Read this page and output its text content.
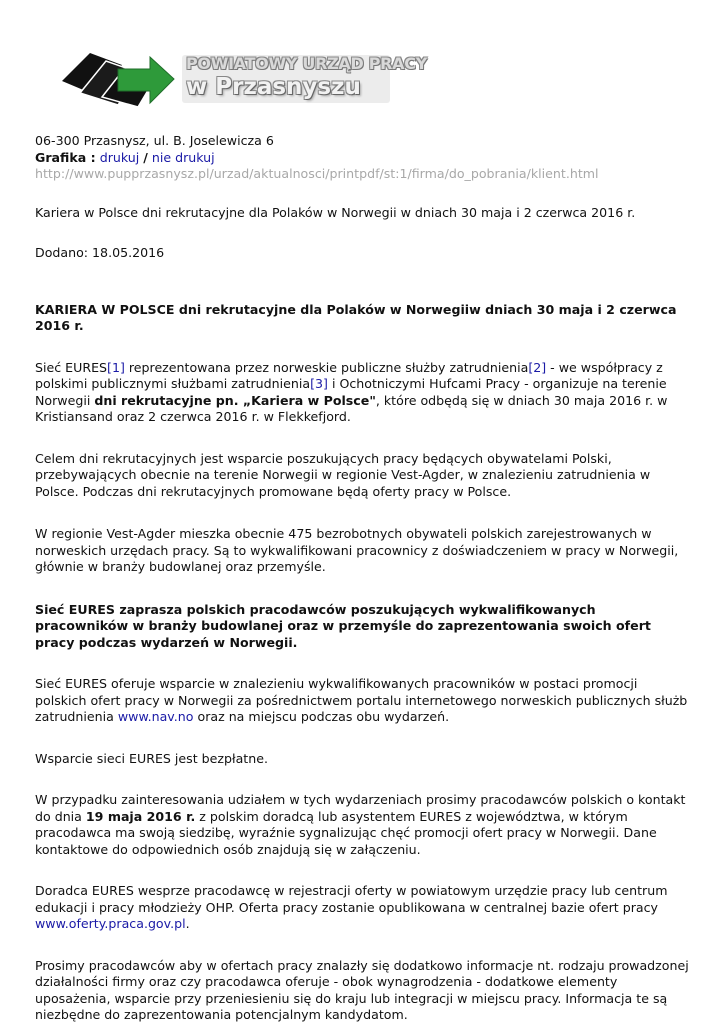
POWIATOWY URZĄD PRACY
w Przasnyszu

06-300 Przasnysz, ul. B. Joselewicza 6

Grafika : drukuj / nie drukuj

http://www.pupprzasnysz.pl/urzad/aktualnosci/printpdf/st:1/firma/do_pobrania/klient.html

Kariera w Polsce dni rekrutacyjne dla Polaków w Norwegii w dniach 30 maja i 2 czerwca 2016 r.

Dodano: 18.05.2016

KARIERA W POLSCE dni rekrutacyjne dla Polaków w Norwegiiw dniach 30 maja i 2 czerwca 2016 r.

Sieć EURES[1] reprezentowana przez norweskie publiczne służby zatrudnienia[2] - we współpracy z polskimi publicznymi służbami zatrudnienia[3] i Ochotniczymi Hufcami Pracy - organizuje na terenie Norwegii dni rekrutacyjne pn. „Kariera w Polsce", które odbędą się w dniach 30 maja 2016 r. w Kristiansand oraz 2 czerwca 2016 r. w Flekkefjord.

Celem dni rekrutacyjnych jest wsparcie poszukujących pracy będących obywatelami Polski, przebywających obecnie na terenie Norwegii w regionie Vest-Agder, w znalezieniu zatrudnienia w Polsce. Podczas dni rekrutacyjnych promowane będą oferty pracy w Polsce.

W regionie Vest-Agder mieszka obecnie 475 bezrobotnych obywateli polskich zarejestrowanych w norweskich urzędach pracy. Są to wykwalifikowani pracownicy z doświadczeniem w pracy w Norwegii, głównie w branży budowlanej oraz przemyśle.

Sieć EURES zaprasza polskich pracodawców poszukujących wykwalifikowanych pracowników w branży budowlanej oraz w przemyśle do zaprezentowania swoich ofert pracy podczas wydarzeń w Norwegii.

Sieć EURES oferuje wsparcie w znalezieniu wykwalifikowanych pracowników w postaci promocji polskich ofert pracy w Norwegii za pośrednictwem portalu internetowego norweskich publicznych służb zatrudnienia www.nav.no oraz na miejscu podczas obu wydarzeń.

Wsparcie sieci EURES jest bezpłatne.

W przypadku zainteresowania udziałem w tych wydarzeniach prosimy pracodawców polskich o kontakt do dnia 19 maja 2016 r. z polskim doradcą lub asystentem EURES z województwa, w którym pracodawca ma swoją siedzibę, wyraźnie sygnalizując chęć promocji ofert pracy w Norwegii. Dane kontaktowe do odpowiednich osób znajdują się w załączeniu.

Doradca EURES wesprze pracodawcę w rejestracji oferty w powiatowym urzędzie pracy lub centrum edukacji i pracy młodzieży OHP. Oferta pracy zostanie opublikowana w centralnej bazie ofert pracy www.oferty.praca.gov.pl.

Prosimy pracodawców aby w ofertach pracy znalazły się dodatkowo informacje nt. rodzaju prowadzonej działalności firmy oraz czy pracodawca oferuje - obok wynagrodzenia - dodatkowe elementy uposażenia, wsparcie przy przeniesieniu się do kraju lub integracji w miejscu pracy. Informacja te są niezbędne do zaprezentowania potencjalnym kandydatom.
